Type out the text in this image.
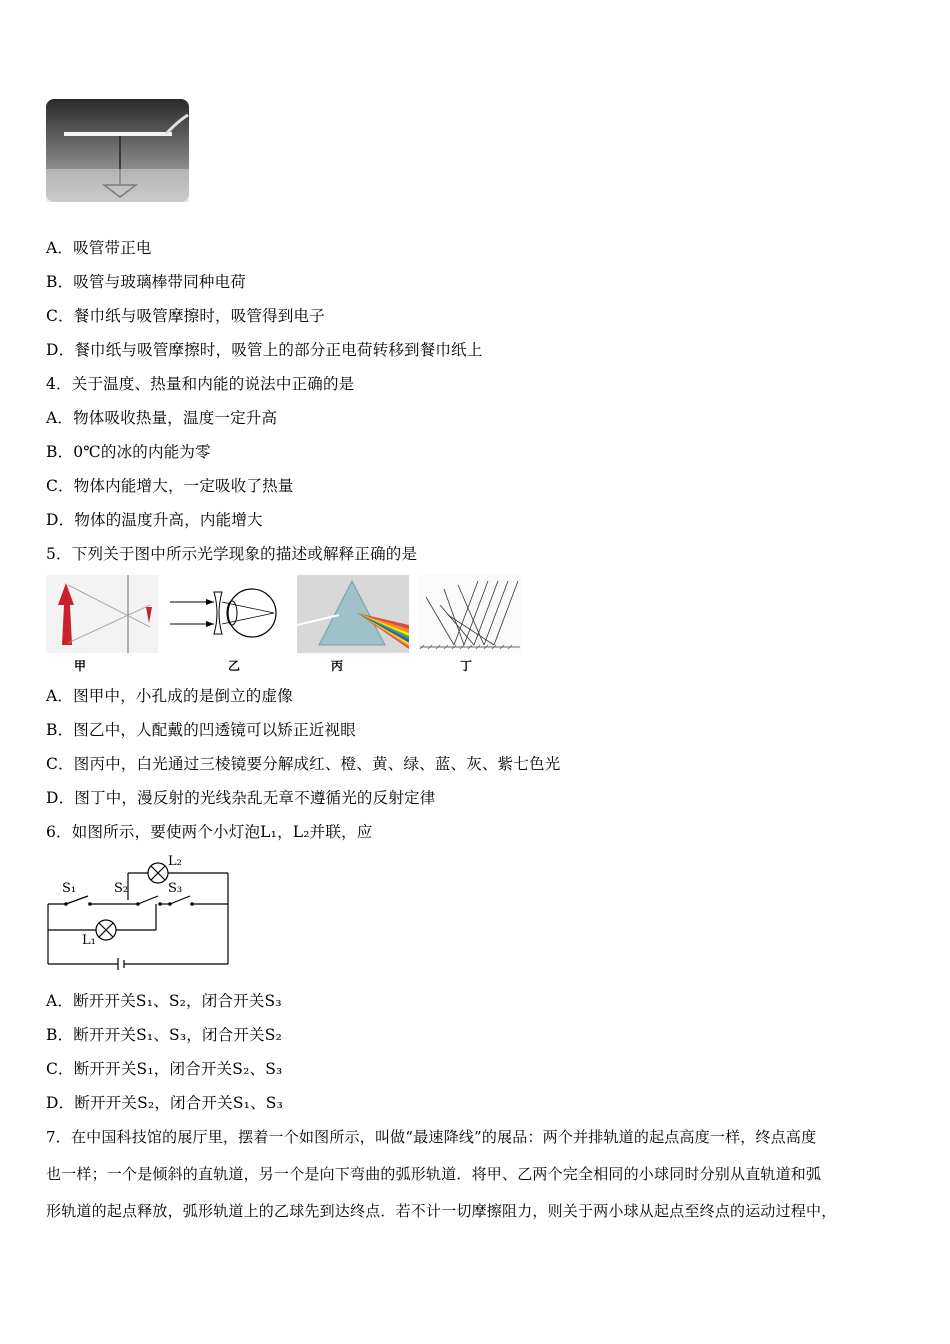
A．吸管带正电
B．吸管与玻璃棒带同种电荷
C．餐巾纸与吸管摩擦时，吸管得到电子
D．餐巾纸与吸管摩擦时，吸管上的部分正电荷转移到餐巾纸上
4．关于温度、热量和内能的说法中正确的是
A．物体吸收热量，温度一定升高
B．0℃的冰的内能为零
C．物体内能增大，一定吸收了热量
D．物体的温度升高，内能增大
5．下列关于图中所示光学现象的描述或解释正确的是
甲	乙	丙	丁
A．图甲中，小孔成的是倒立的虚像
B．图乙中，人配戴的凹透镜可以矫正近视眼
C．图丙中，白光通过三棱镜要分解成红、橙、黄、绿、蓝、灰、紫七色光
D．图丁中，漫反射的光线杂乱无章不遵循光的反射定律
6．如图所示，要使两个小灯泡L₁，L₂并联，应
S₁	S₂	S₃
L₂
L₁
A．断开开关S₁、S₂，闭合开关S₃
B．断开开关S₁、S₃，闭合开关S₂
C．断开开关S₁，闭合开关S₂、S₃
D．断开开关S₂，闭合开关S₁、S₃
7．在中国科技馆的展厅里，摆着一个如图所示，叫做“最速降线”的展品：两个并排轨道的起点高度一样，终点高度
也一样；一个是倾斜的直轨道，另一个是向下弯曲的弧形轨道．将甲、乙两个完全相同的小球同时分别从直轨道和弧
形轨道的起点释放，弧形轨道上的乙球先到达终点．若不计一切摩擦阻力，则关于两小球从起点至终点的运动过程中，
